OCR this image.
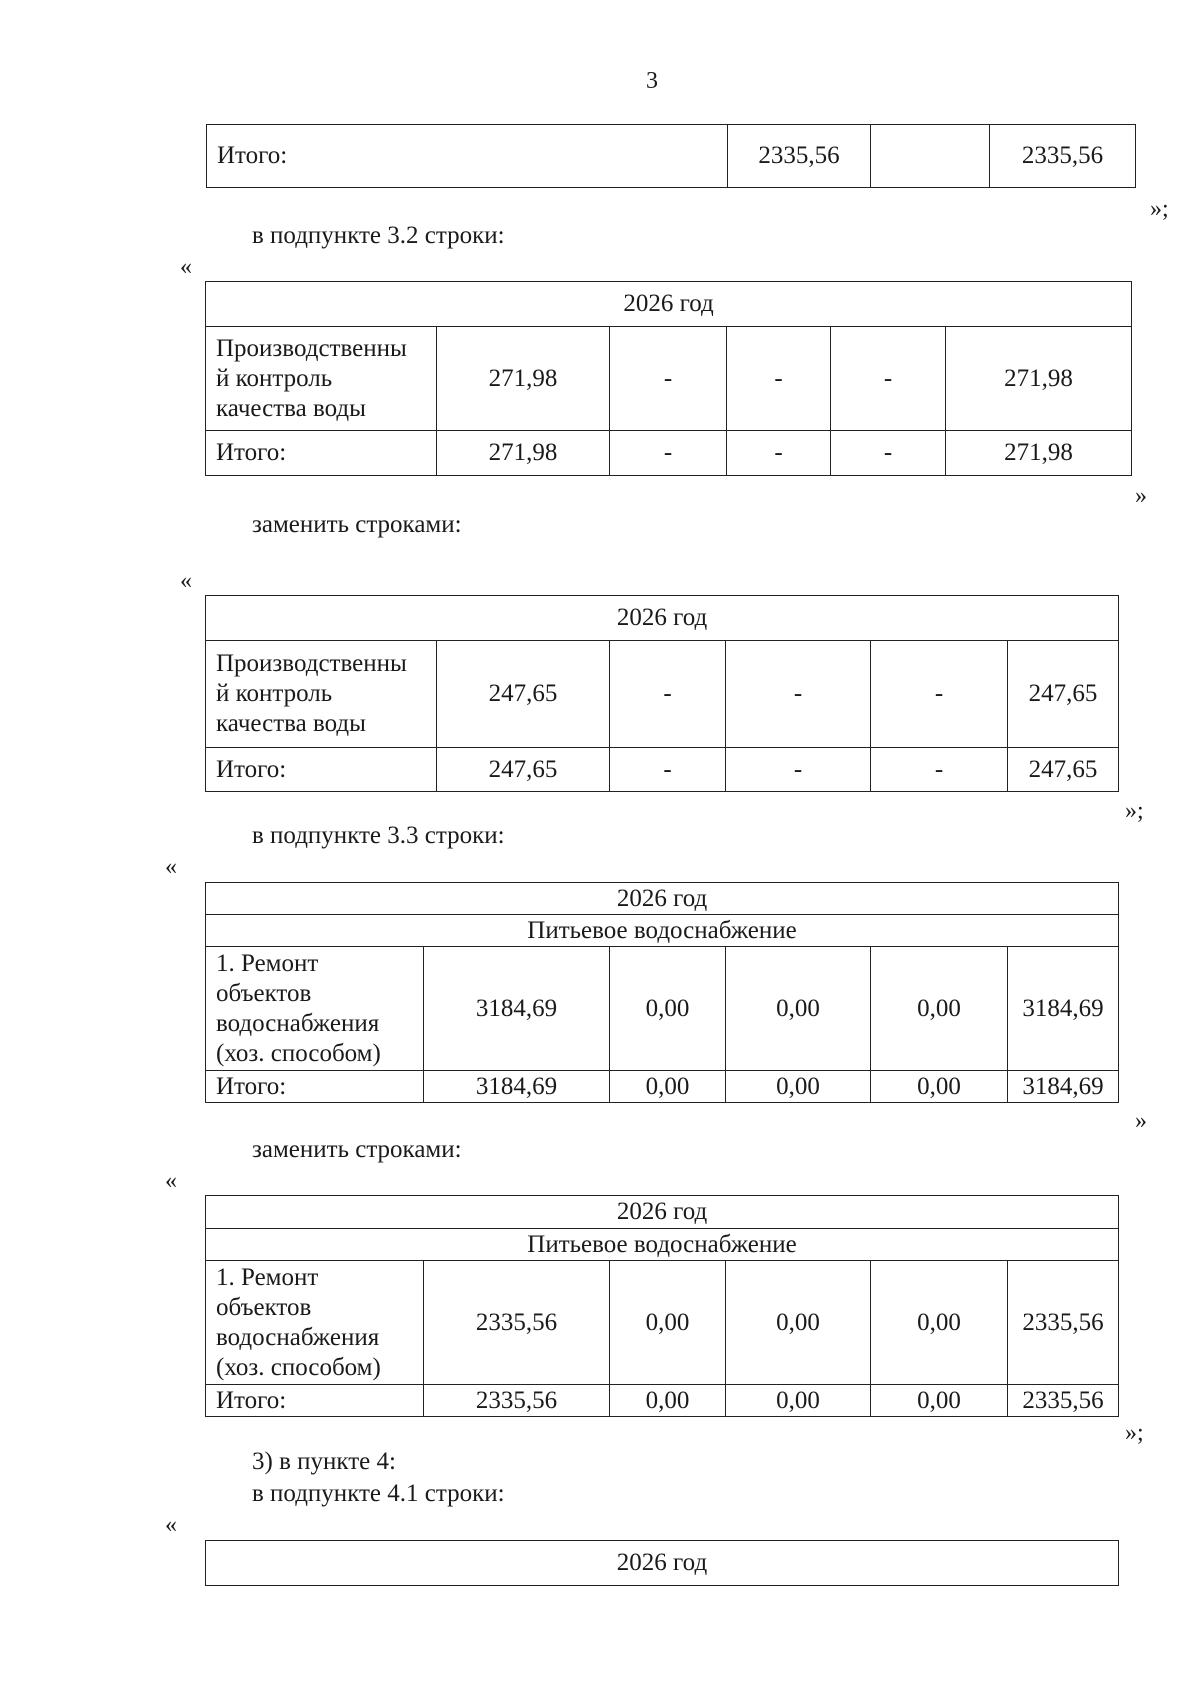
3
Итого:	2335,56		2335,56
»;
в подпункте 3.2 строки:
«
2026 год					

Производственны
й контроль
качества воды	271,98	-	-	-	271,98
Итого:	271,98	-	-	-	271,98
»
заменить строками:
«
2026 год					

Производственны
й контроль
качества воды	247,65	-	-	-	247,65
Итого:	247,65	-	-	-	247,65
»;
в подпункте 3.3 строки:
«
2026 год					
Питьевое водоснабжение					

1. Ремонт
объектов
водоснабжения
(хоз. способом)	3184,69	0,00	0,00	0,00	3184,69
Итого:	3184,69	0,00	0,00	0,00	3184,69
»
заменить строками:
«
2026 год					
Питьевое водоснабжение					

1. Ремонт
объектов
водоснабжения
(хоз. способом)	2335,56	0,00	0,00	0,00	2335,56
Итого:	2335,56	0,00	0,00	0,00	2335,56
»;
3) в пункте 4:
в подпункте 4.1 строки:
«
2026 год
